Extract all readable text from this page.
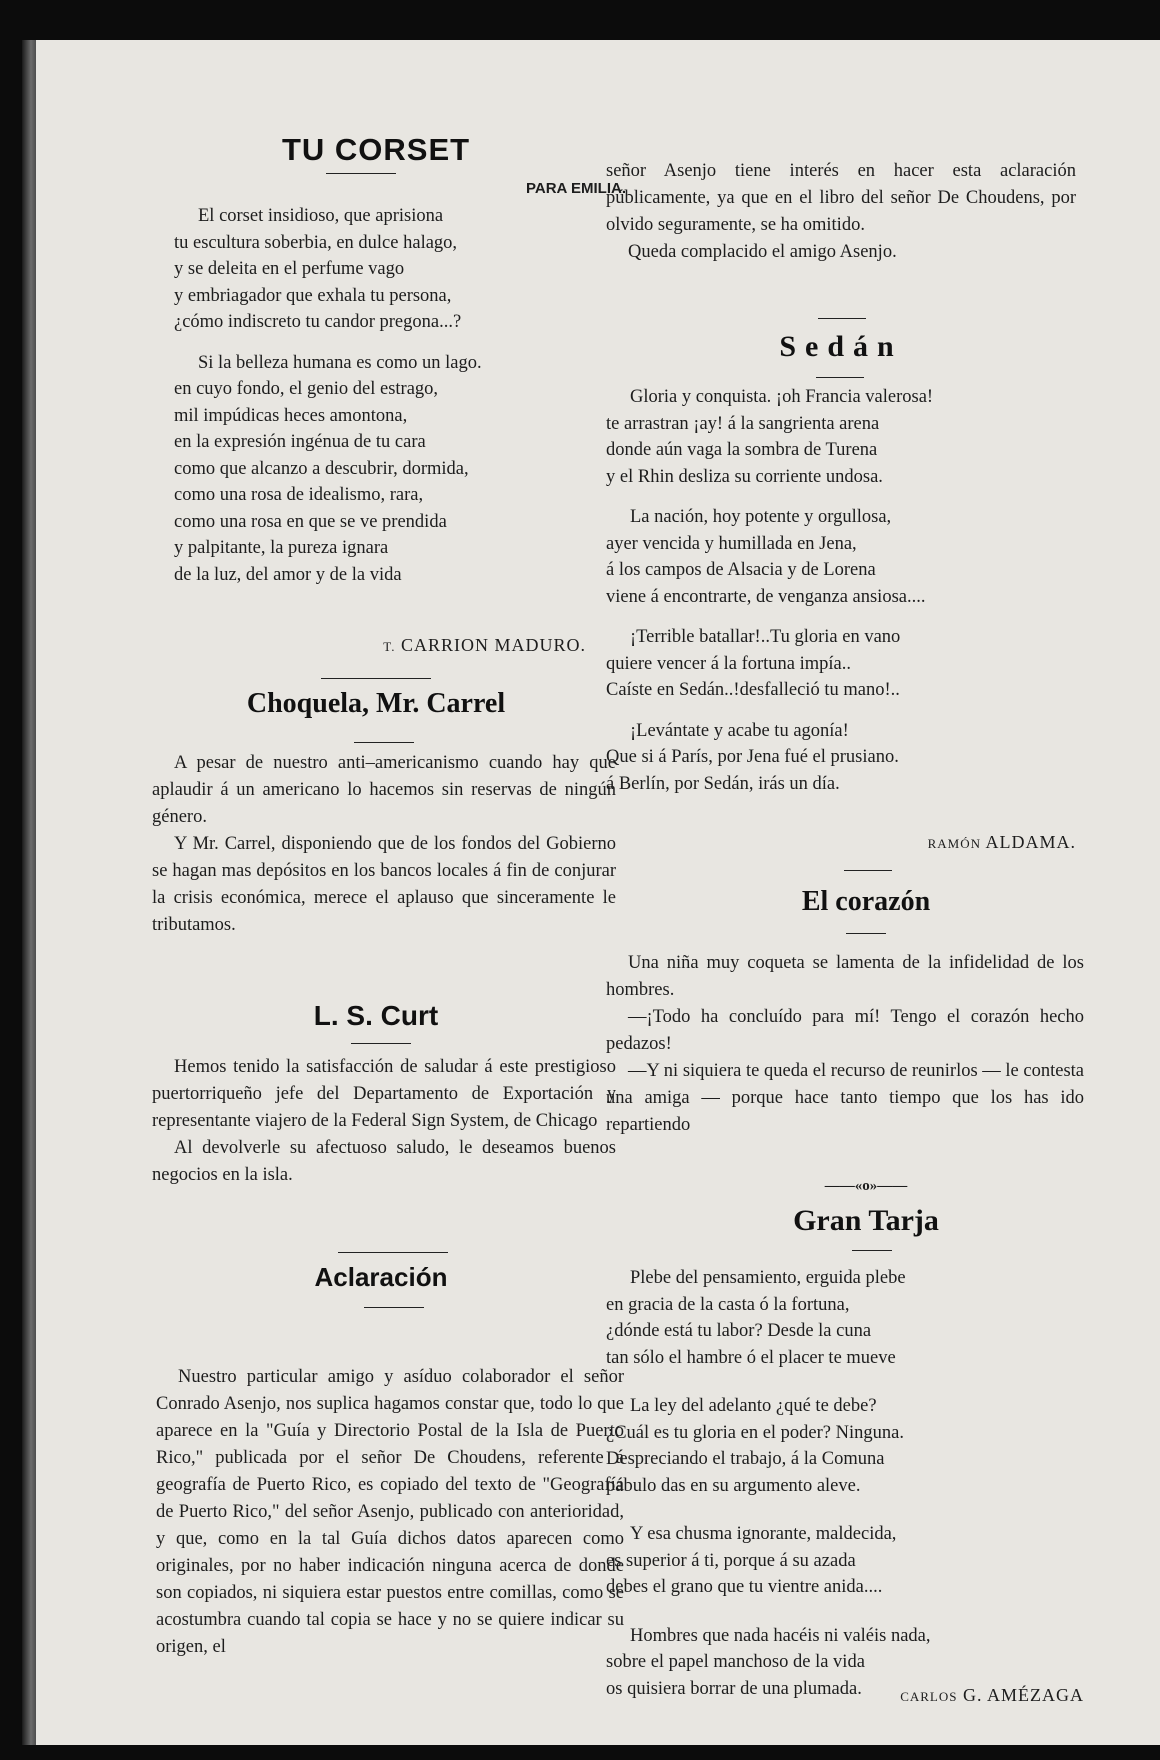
TU CORSET
PARA EMILIA.
El corset insidioso, que aprisiona
tu escultura soberbia, en dulce halago,
y se deleita en el perfume vago
y embriagador que exhala tu persona,
¿cómo indiscreto tu candor pregona...?
Si la belleza humana es como un lago.
en cuyo fondo, el genio del estrago,
mil impúdicas heces amontona,
en la expresión ingénua de tu cara
como que alcanzo a descubrir, dormida,
como una rosa de idealismo, rara,
como una rosa en que se ve prendida
y palpitante, la pureza ignara
de la luz, del amor y de la vida
T. CARRION MADURO.
Choquela, Mr. Carrel

A pesar de nuestro anti–americanismo cuando hay que aplaudir á un americano lo hacemos sin reservas de ningún género.

Y Mr. Carrel, disponiendo que de los fondos del Gobierno se hagan mas depósitos en los bancos locales á fin de conjurar la crisis económica, merece el aplauso que sinceramente le tributamos.

L. S. Curt

Hemos tenido la satisfacción de saludar á este prestigioso puertorriqueño jefe del Departamento de Exportación y representante viajero de la Federal Sign System, de Chicago

Al devolverle su afectuoso saludo, le deseamos buenos negocios en la isla.

Aclaración

Nuestro particular amigo y asíduo colaborador el señor Conrado Asenjo, nos suplica hagamos constar que, todo lo que aparece en la "Guía y Directorio Postal de la Isla de Puerto Rico," publicada por el señor De Choudens, referente á geografía de Puerto Rico, es copiado del texto de "Geografía de Puerto Rico," del señor Asenjo, publicado con anterioridad, y que, como en la tal Guía dichos datos aparecen como originales, por no haber indicación ninguna acerca de donde son copiados, ni siquiera estar puestos entre comillas, como se acostumbra cuando tal copia se hace y no se quiere indicar su origen, el

señor Asenjo tiene interés en hacer esta aclaración públicamente, ya que en el libro del señor De Choudens, por olvido seguramente, se ha omitido.

Queda complacido el amigo Asenjo.

Sedán
Gloria y conquista. ¡oh Francia valerosa!
te arrastran ¡ay! á la sangrienta arena
donde aún vaga la sombra de Turena
y el Rhin desliza su corriente undosa.
La nación, hoy potente y orgullosa,
ayer vencida y humillada en Jena,
á los campos de Alsacia y de Lorena
viene á encontrarte, de venganza ansiosa....
¡Terrible batallar!..Tu gloria en vano
quiere vencer á la fortuna impía..
Caíste en Sedán..!desfalleció tu mano!..
¡Levántate y acabe tu agonía!
Que si á París, por Jena fué el prusiano.
á Berlín, por Sedán, irás un día.
RAMÓN ALDAMA.
El corazón

Una niña muy coqueta se lamenta de la infidelidad de los hombres.

—¡Todo ha concluído para mí! Tengo el corazón hecho pedazos!

—Y ni siquiera te queda el recurso de reunirlos — le contesta una amiga — porque hace tanto tiempo que los has ido repartiendo

——«o»——
Gran Tarja
Plebe del pensamiento, erguida plebe
en gracia de la casta ó la fortuna,
¿dónde está tu labor? Desde la cuna
tan sólo el hambre ó el placer te mueve
La ley del adelanto ¿qué te debe?
¿Cuál es tu gloria en el poder? Ninguna.
Despreciando el trabajo, á la Comuna
pábulo das en su argumento aleve.
Y esa chusma ignorante, maldecida,
es superior á ti, porque á su azada
debes el grano que tu vientre anida....
Hombres que nada hacéis ni valéis nada,
sobre el papel manchoso de la vida
os quisiera borrar de una plumada.	CARLOS G. AMÉZAGA
